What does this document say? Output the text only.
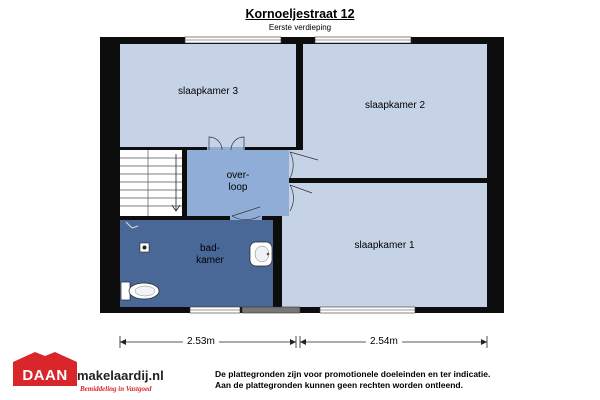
Kornoeljestraat 12
Eerste verdieping
slaapkamer 3
slaapkamer 2
slaapkamer 1
over-
loop
bad-
kamer
2.53m	2.54m
DAAN makelaardij.nl
Bemiddeling in Vastgoed
De plattegronden zijn voor promotionele doeleinden en ter indicatie.
Aan de plattegronden kunnen geen rechten worden ontleend.
